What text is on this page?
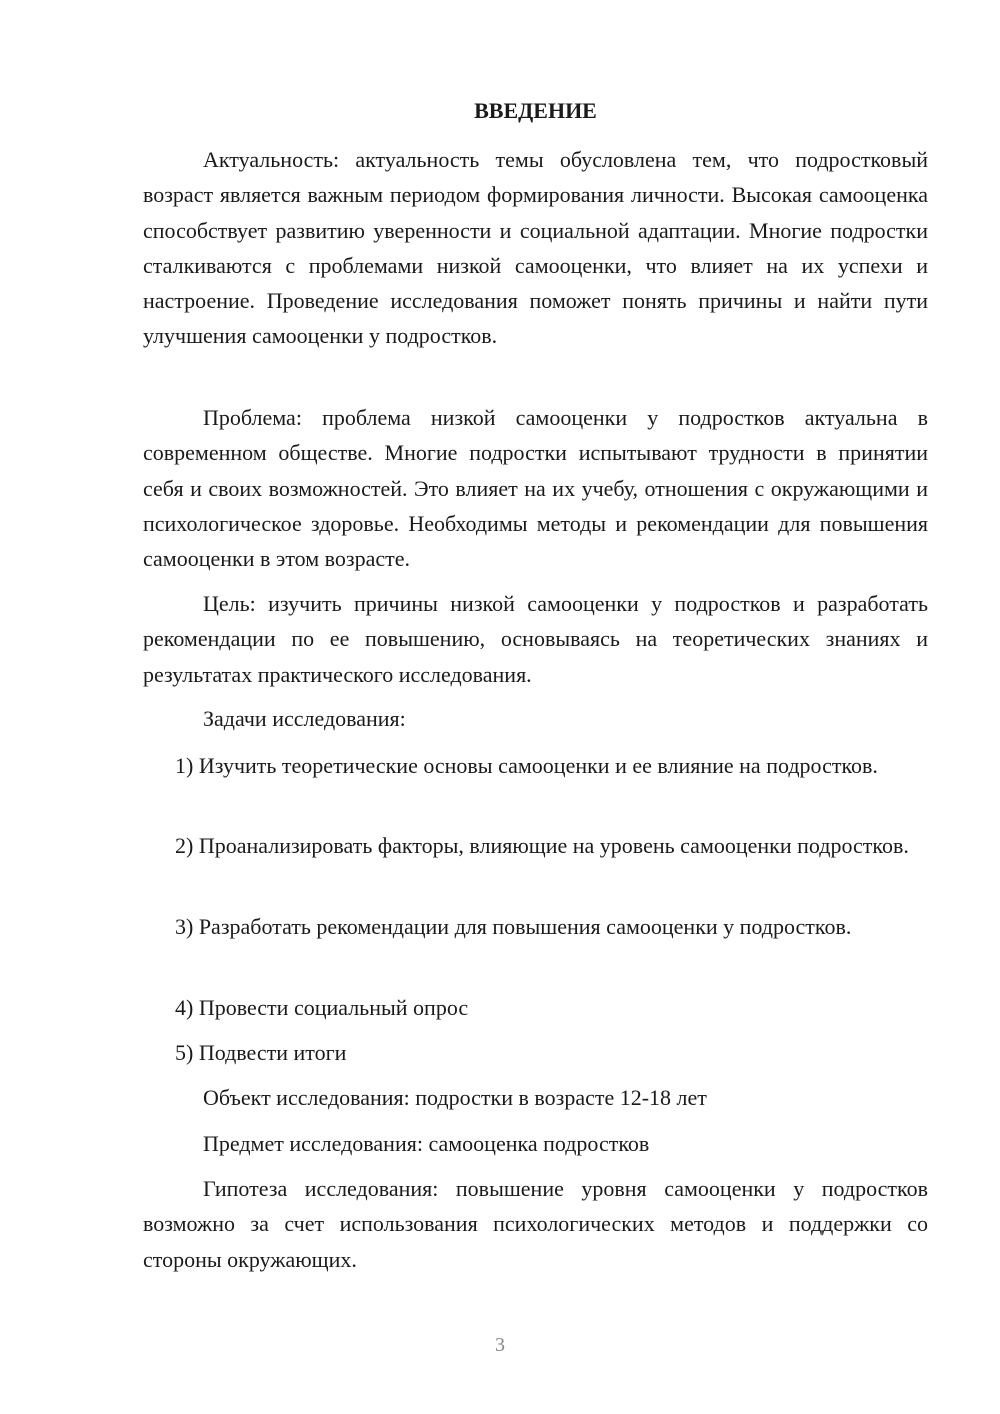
ВВЕДЕНИЕ

Актуальность: актуальность темы обусловлена тем, что подростковый возраст является важным периодом формирования личности. Высокая самооценка способствует развитию уверенности и социальной адаптации. Многие подростки сталкиваются с проблемами низкой самооценки, что влияет на их успехи и настроение. Проведение исследования поможет понять причины и найти пути улучшения самооценки у подростков.

Проблема: проблема низкой самооценки у подростков актуальна в современном обществе. Многие подростки испытывают трудности в принятии себя и своих возможностей. Это влияет на их учебу, отношения с окружающими и психологическое здоровье. Необходимы методы и рекомендации для повышения самооценки в этом возрасте.

Цель: изучить причины низкой самооценки у подростков и разработать рекомендации по ее повышению, основываясь на теоретических знаниях и результатах практического исследования.

Задачи исследования:

1) Изучить теоретические основы самооценки и ее влияние на подростков.

2) Проанализировать факторы, влияющие на уровень самооценки подростков.

3) Разработать рекомендации для повышения самооценки у подростков.

4) Провести социальный опрос

5) Подвести итоги

Объект исследования: подростки в возрасте 12-18 лет

Предмет исследования: самооценка подростков

Гипотеза исследования: повышение уровня самооценки у подростков возможно за счет использования психологических методов и поддержки со стороны окружающих.

3
